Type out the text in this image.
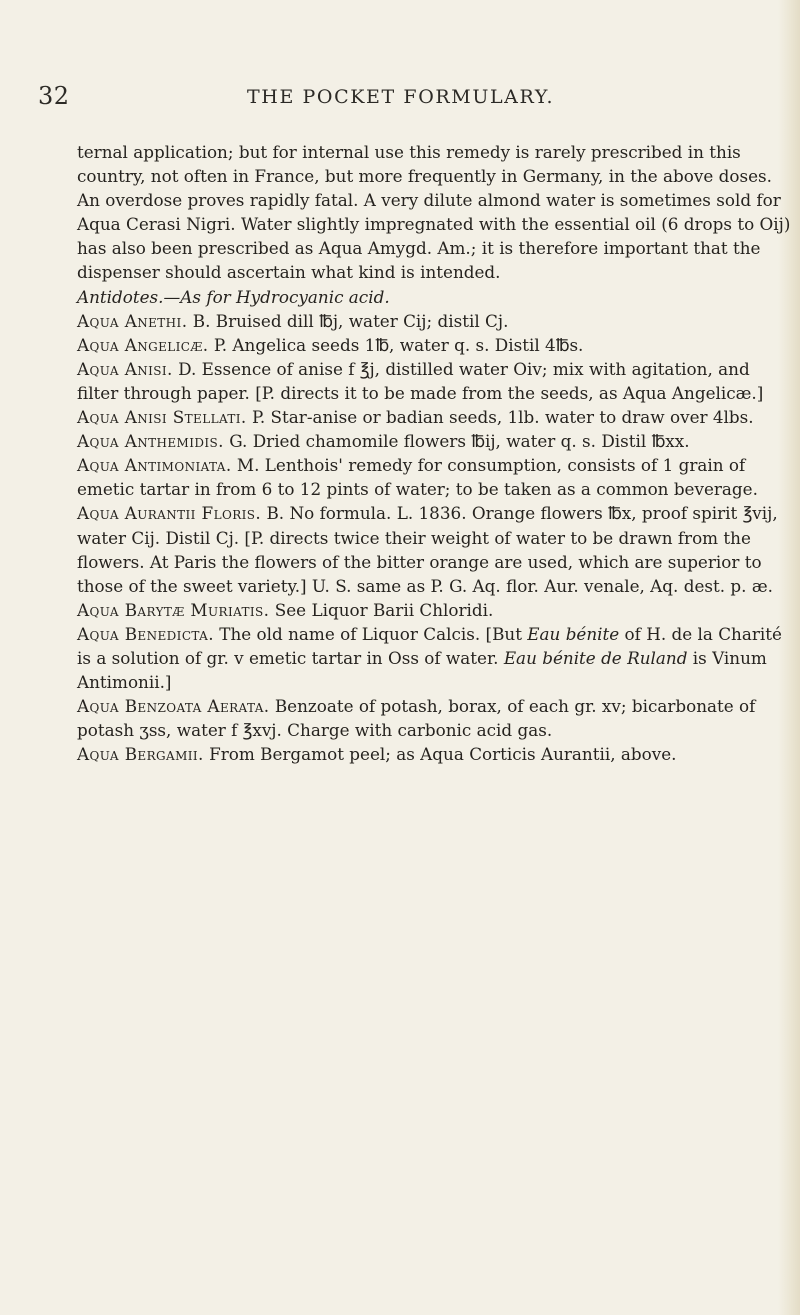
32	THE POCKET FORMULARY.

ternal application; but for internal use this remedy is rarely prescribed in this country, not often in France, but more frequently in Germany, in the above doses. An overdose proves rapidly fatal. A very dilute almond water is sometimes sold for Aqua Cerasi Nigri. Water slightly impregnated with the essential oil (6 drops to Oij) has also been prescribed as Aqua Amygd. Am.; it is therefore important that the dispenser should ascertain what kind is intended.

Antidotes.—As for Hydrocyanic acid.

Aqua Anethi. B. Bruised dill ℔j, water Cij; distil Cj.

Aqua Angelicæ. P. Angelica seeds 1℔, water q. s. Distil 4℔s.

Aqua Anisi. D. Essence of anise f ℥j, distilled water Oiv; mix with agitation, and filter through paper. [P. directs it to be made from the seeds, as Aqua Angelicæ.]

Aqua Anisi Stellati. P. Star-anise or badian seeds, 1lb. water to draw over 4lbs.

Aqua Anthemidis. G. Dried chamomile flowers ℔ij, water q. s. Distil ℔xx.

Aqua Antimoniata. M. Lenthois' remedy for consumption, consists of 1 grain of emetic tartar in from 6 to 12 pints of water; to be taken as a common beverage.

Aqua Aurantii Floris. B. No formula. L. 1836. Orange flowers ℔x, proof spirit ℥vij, water Cij. Distil Cj. [P. directs twice their weight of water to be drawn from the flowers. At Paris the flowers of the bitter orange are used, which are superior to those of the sweet variety.] U. S. same as P. G. Aq. flor. Aur. venale, Aq. dest. p. æ.

Aqua Barytæ Muriatis. See Liquor Barii Chloridi.

Aqua Benedicta. The old name of Liquor Calcis. [But Eau bénite of H. de la Charité is a solution of gr. v emetic tartar in Oss of water. Eau bénite de Ruland is Vinum Antimonii.]

Aqua Benzoata Aerata. Benzoate of potash, borax, of each gr. xv; bicarbonate of potash ʒss, water f ℥xvj. Charge with carbonic acid gas.

Aqua Bergamii. From Bergamot peel; as Aqua Corticis Aurantii, above.
